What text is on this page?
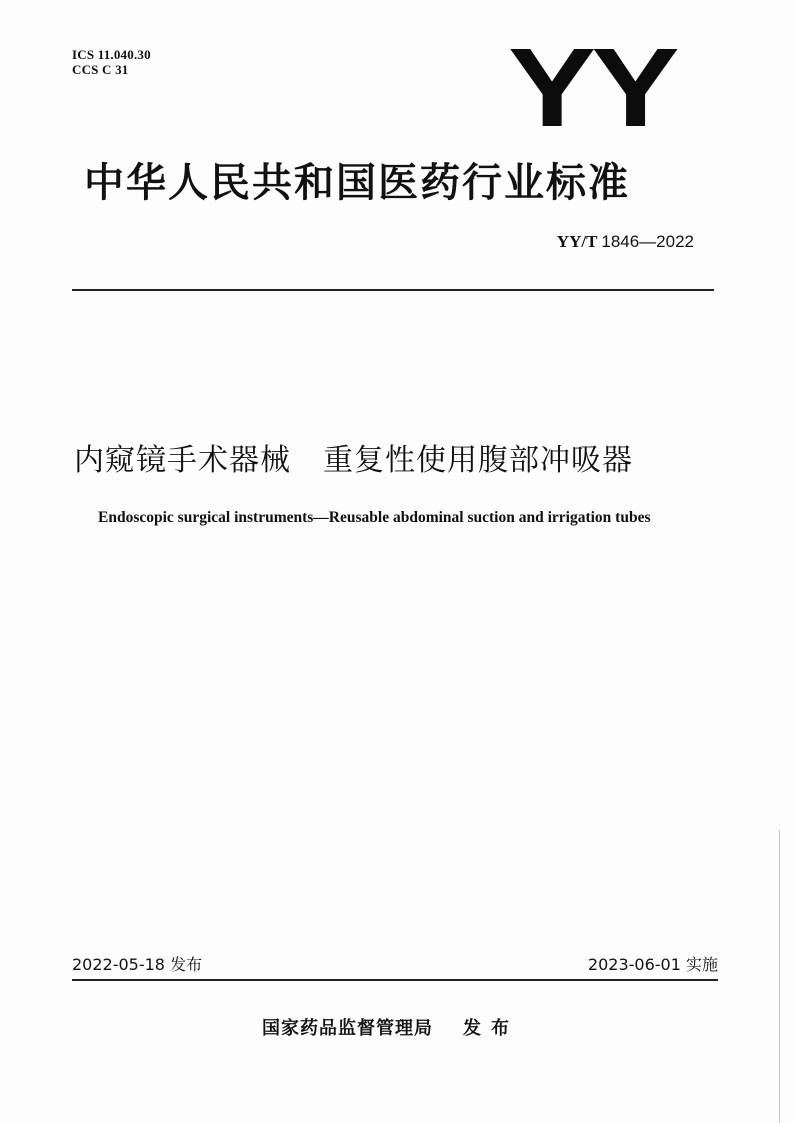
ICS 11.040.30
CCS C 31	YY
中华人民共和国医药行业标准
YY/T 1846—2022
内窥镜手术器械 重复性使用腹部冲吸器
Endoscopic surgical instruments—Reusable abdominal suction and irrigation tubes
2022-05-18 发布	2023-06-01 实施
国家药品监督管理局 发布
